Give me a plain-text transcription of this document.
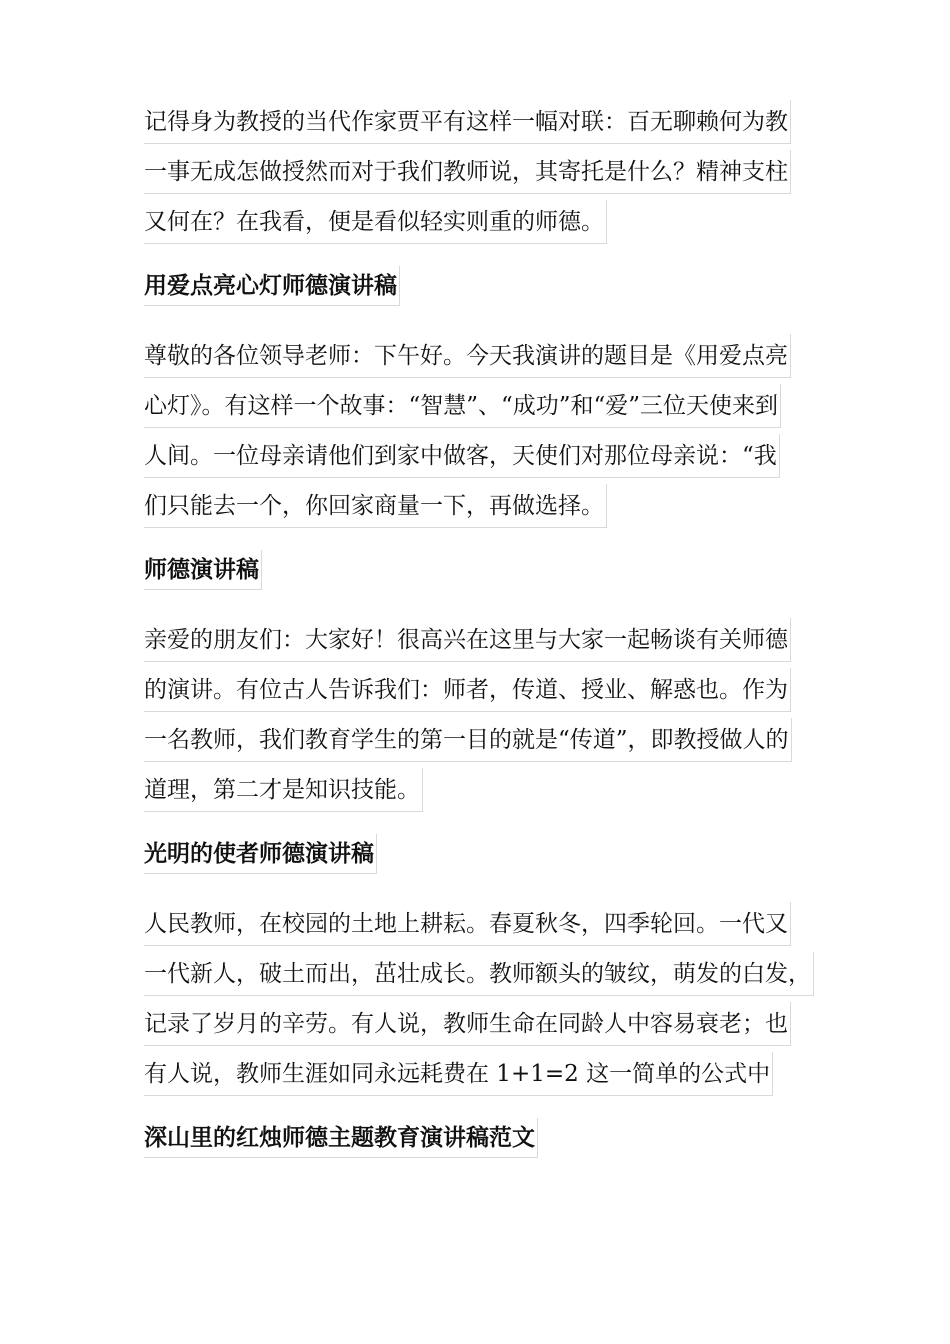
记得身为教授的当代作家贾平有这样一幅对联：百无聊赖何为教
一事无成怎做授然而对于我们教师说，其寄托是什么？精神支柱
又何在？在我看，便是看似轻实则重的师德。
用爱点亮心灯师德演讲稿
尊敬的各位领导老师：下午好。今天我演讲的题目是《用爱点亮
心灯》。有这样一个故事：“智慧”、“成功”和“爱”三位天使来到
人间。一位母亲请他们到家中做客，天使们对那位母亲说：“我
们只能去一个，你回家商量一下，再做选择。
师德演讲稿
亲爱的朋友们：大家好！很高兴在这里与大家一起畅谈有关师德
的演讲。有位古人告诉我们：师者，传道、授业、解惑也。作为
一名教师，我们教育学生的第一目的就是“传道”，即教授做人的
道理，第二才是知识技能。
光明的使者师德演讲稿
人民教师，在校园的土地上耕耘。春夏秋冬，四季轮回。一代又
一代新人，破土而出，茁壮成长。教师额头的皱纹，萌发的白发，
记录了岁月的辛劳。有人说，教师生命在同龄人中容易衰老；也
有人说，教师生涯如同永远耗费在 1+1=2 这一简单的公式中
深山里的红烛师德主题教育演讲稿范文
